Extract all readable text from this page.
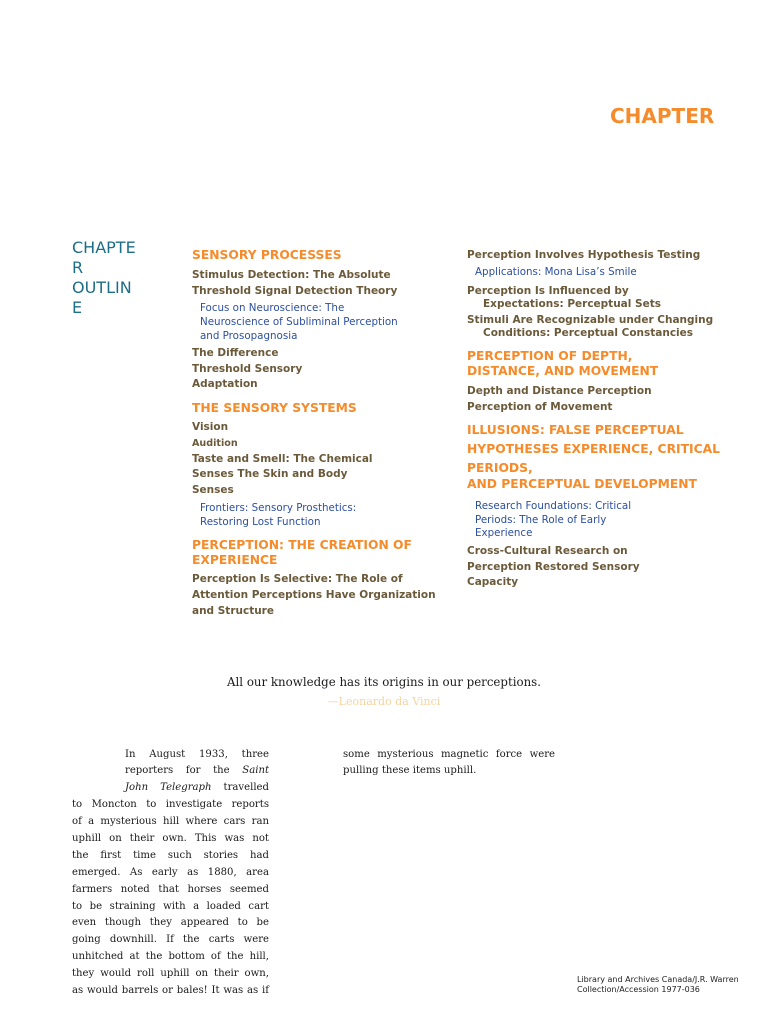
CHAPTER
CHAPTE
R
OUTLIN
E
SENSORY PROCESSES
Stimulus Detection: The Absolute
Threshold Signal Detection Theory
Focus on Neuroscience: The
Neuroscience of Subliminal Perception
and Prosopagnosia
The Difference
Threshold Sensory
Adaptation
THE SENSORY SYSTEMS
Vision
Audition
Taste and Smell: The Chemical
Senses The Skin and Body
Senses
Frontiers: Sensory Prosthetics:
Restoring Lost Function
PERCEPTION: THE CREATION OF
EXPERIENCE
Perception Is Selective: The Role of
Attention Perceptions Have Organization
and Structure
Perception Involves Hypothesis Testing
Applications: Mona Lisa’s Smile
Perception Is Influenced by
Expectations: Perceptual Sets
Stimuli Are Recognizable under Changing
Conditions: Perceptual Constancies
PERCEPTION OF DEPTH,
DISTANCE, AND MOVEMENT
Depth and Distance Perception
Perception of Movement
ILLUSIONS: FALSE PERCEPTUAL
HYPOTHESES EXPERIENCE, CRITICAL
PERIODS,
AND PERCEPTUAL DEVELOPMENT
Research Foundations: Critical
Periods: The Role of Early
Experience
Cross-Cultural Research on
Perception Restored Sensory
Capacity
All our knowledge has its origins in our perceptions.
—Leonardo da Vinci
In August 1933, three
reporters for the Saint
John Telegraph travelled
to Moncton to investigate reports
of a mysterious hill where cars ran
uphill on their own. This was not
the first time such stories had
emerged. As early as 1880, area
farmers noted that horses seemed
to be straining with a loaded cart
even though they appeared to be
going downhill. If the carts were
unhitched at the bottom of the hill,
they would roll uphill on their own,
as would barrels or bales! It was as if
some mysterious magnetic force were
pulling these items uphill.
Library and Archives Canada/J.R. Warren
Collection/Accession 1977-036
